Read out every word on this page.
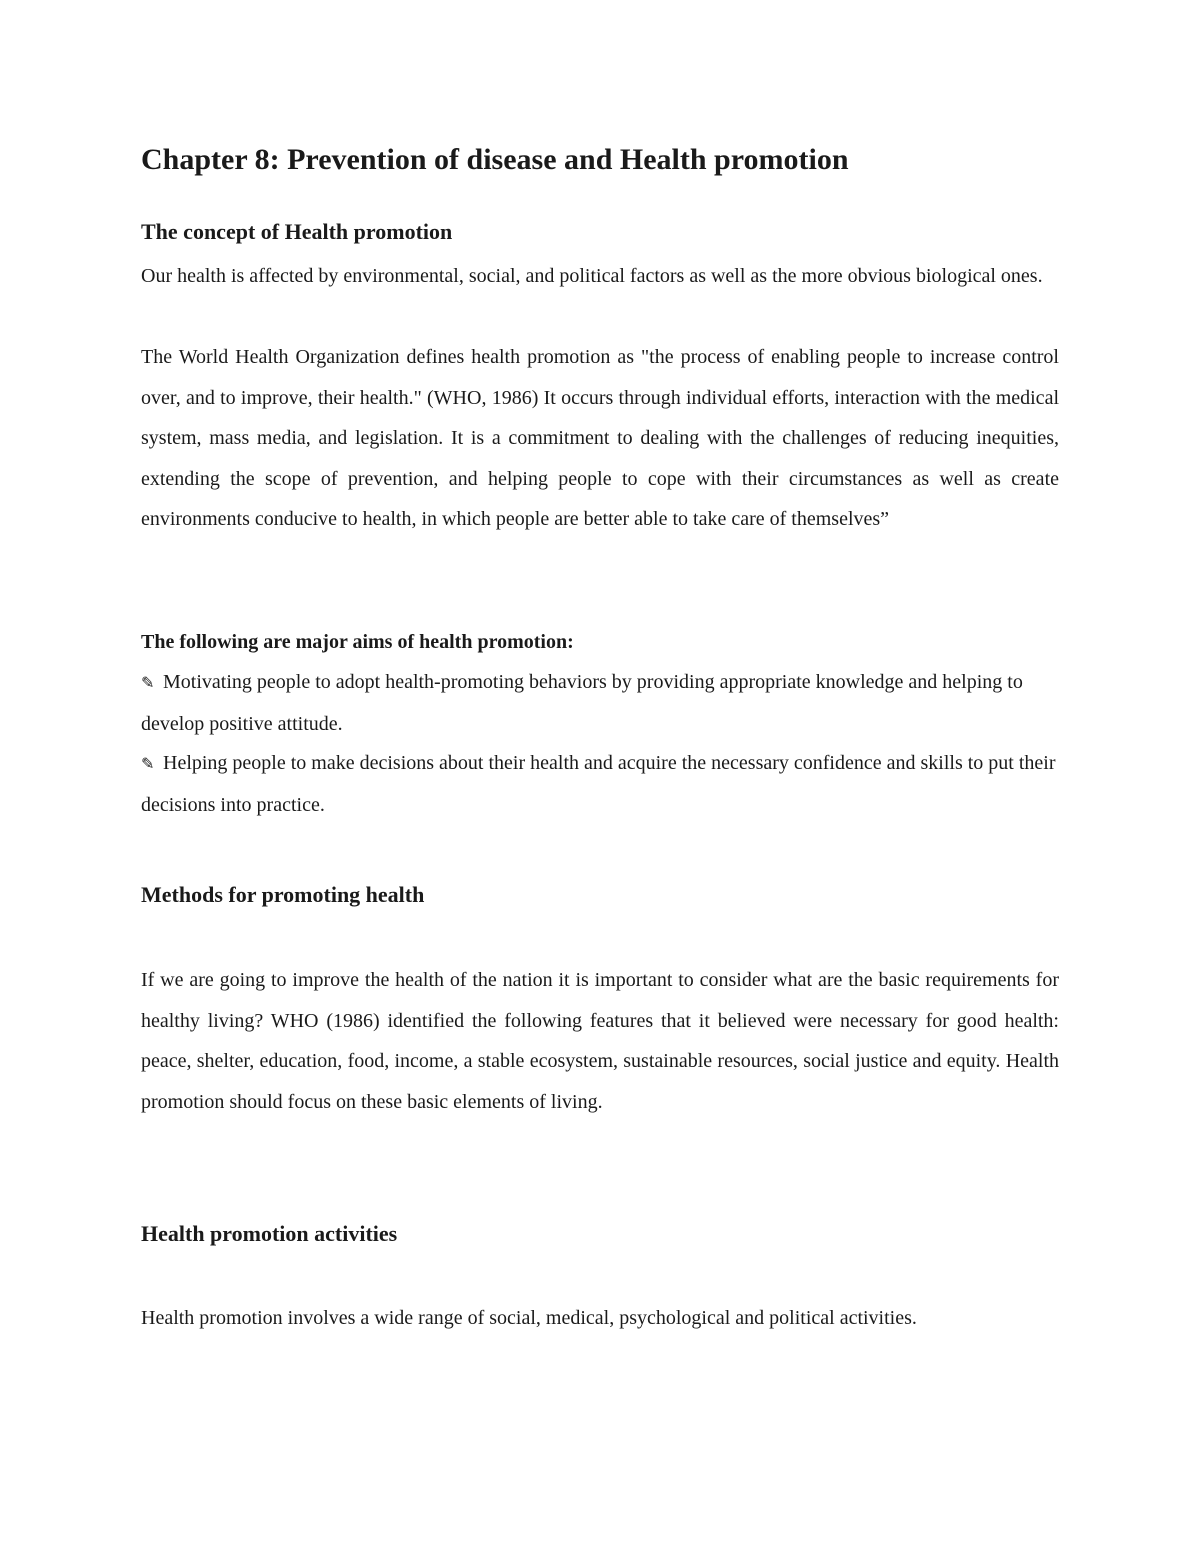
Chapter 8: Prevention of disease and Health promotion
The concept of Health promotion

Our health is affected by environmental, social, and political factors as well as the more obvious biological ones.

The World Health Organization defines health promotion as "the process of enabling people to increase control over, and to improve, their health." (WHO, 1986) It occurs through individual efforts, interaction with the medical system, mass media, and legislation. It is a commitment to dealing with the challenges of reducing inequities, extending the scope of prevention, and helping people to cope with their circumstances as well as create environments conducive to health, in which people are better able to take care of themselves”

The following are major aims of health promotion:

✎ Motivating people to adopt health-promoting behaviors by providing appropriate knowledge and helping to develop positive attitude.

✎ Helping people to make decisions about their health and acquire the necessary confidence and skills to put their decisions into practice.

Methods for promoting health

If we are going to improve the health of the nation it is important to consider what are the basic requirements for healthy living? WHO (1986) identified the following features that it believed were necessary for good health: peace, shelter, education, food, income, a stable ecosystem, sustainable resources, social justice and equity. Health promotion should focus on these basic elements of living.

Health promotion activities

Health promotion involves a wide range of social, medical, psychological and political activities.
